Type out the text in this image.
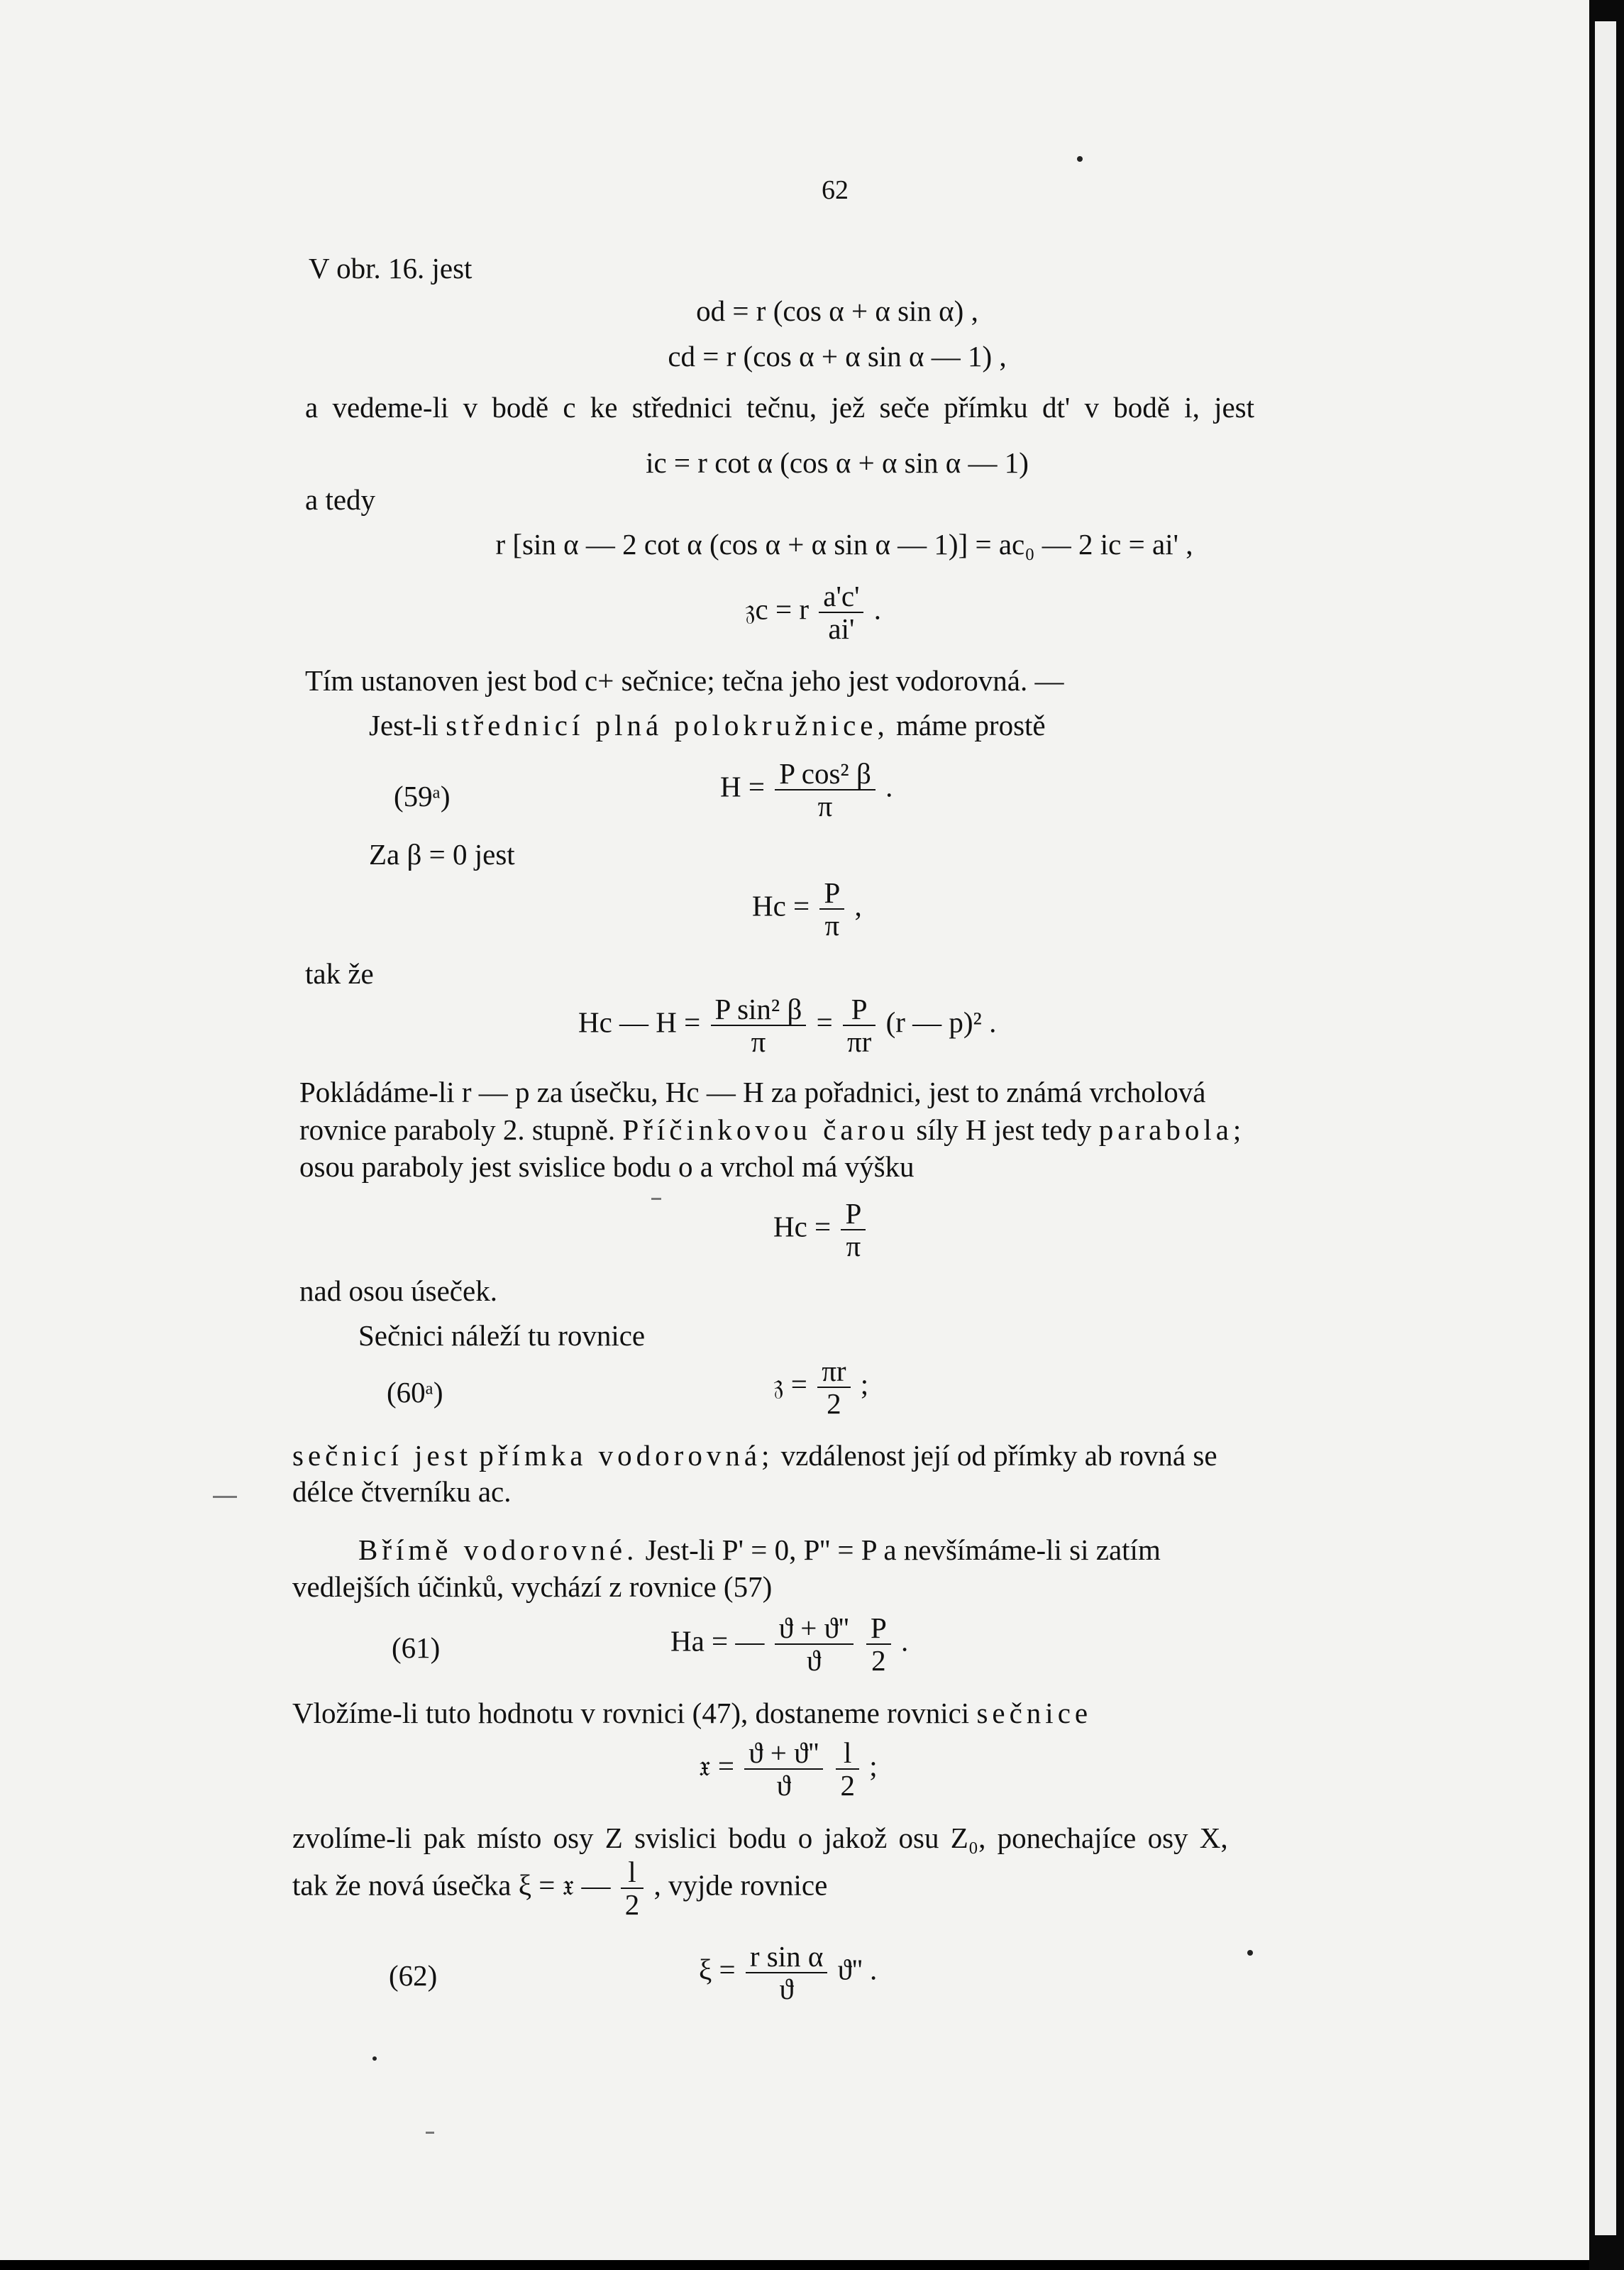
62
V obr. 16. jest
od = r (cos α + α sin α) ,
cd = r (cos α + α sin α — 1) ,
a vedeme-li v bodě c ke střednici tečnu, jež seče přímku dt' v bodě i, jest
ic = r cot α (cos α + α sin α — 1)
a tedy
r [sin α — 2 cot α (cos α + α sin α — 1)] = ac₀ — 2 ic = ai' ,
𝔷c = r $\frac{a'c'}{ai'}$ .
Tím ustanoven jest bod c+ sečnice; tečna jeho jest vodorovná. —
Jest-li střednicí plná polokružnice, máme prostě
(59ᵃ)	$H = \frac{\text{P cos² β}}{\pi}$ .
Za β = 0 jest
$Hc = \frac{P}{\pi}$ ,
tak že
Hc — $H = \frac{\text{P sin² β}}{\pi} = \frac{P}{\pi r} (r$ — p)² .
Pokládáme-li r — p za úsečku, Hc — H za pořadnici, jest to známá vrcholová
rovnice paraboly 2. stupně. Příčinkovou čarou síly H jest tedy parabola;
osou paraboly jest svislice bodu o a vrchol má výšku
$Hc = \frac{P}{\pi}$
nad osou úseček.
Sečnici náleží tu rovnice
(60ᵃ)	𝔷 = $\frac{\pi r}{2}$ ;
sečnicí jest přímka vodorovná; vzdálenost její od přímky ab rovná se
délce čtverníku ac.
Břímě vodorovné. Jest-li P' = 0, P'' = P a nevšímáme-li si zatím
vedlejších účinků, vychází z rovnice (57)
(61)	Ha = — $\frac{ϑ + ϑ''}{ϑ}$
$\frac{P}{2}$ .
Vložíme-li tuto hodnotu v rovnici (47), dostaneme rovnici sečnice
𝔵 = $\frac{ϑ + ϑ''}{ϑ}$
$\frac{l}{2}$ ;
zvolíme-li pak místo osy Z svislici bodu o jakož osu Z₀, ponechajíce osy X,
tak že nová úsečka ξ = 𝔵 — $\frac{l}{2}$ , vyjde rovnice
(62)	$\xi = \frac{\text{r sin α}}{ϑ} ϑ''$ .
